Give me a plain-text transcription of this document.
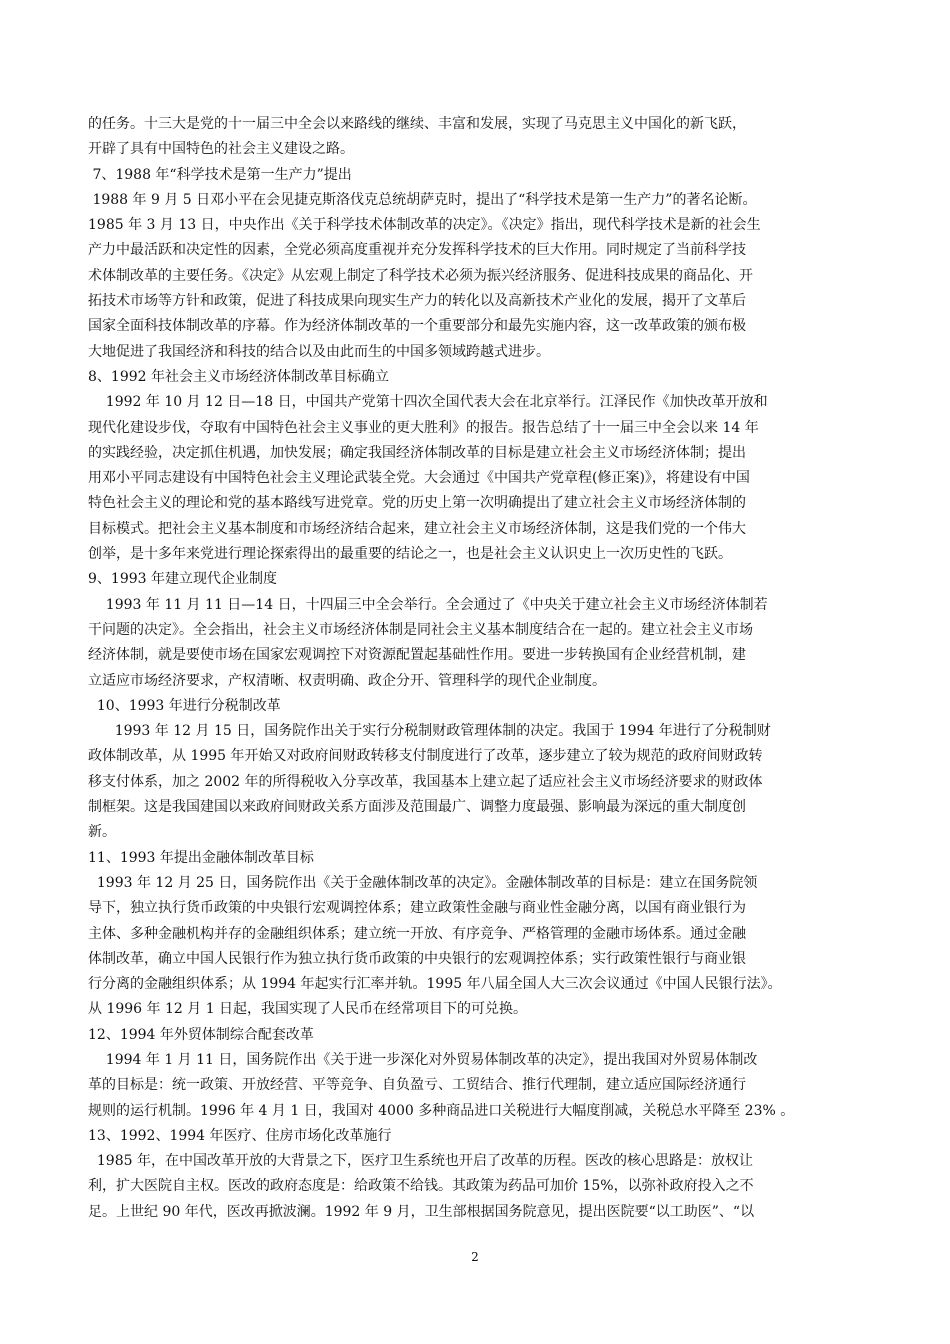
的任务。十三大是党的十一届三中全会以来路线的继续、丰富和发展，实现了马克思主义中国化的新飞跃，
开辟了具有中国特色的社会主义建设之路。
7、1988 年“科学技术是第一生产力”提出
1988 年 9 月 5 日邓小平在会见捷克斯洛伐克总统胡萨克时，提出了“科学技术是第一生产力”的著名论断。
1985 年 3 月 13 日，中央作出《关于科学技术体制改革的决定》。《决定》指出，现代科学技术是新的社会生
产力中最活跃和决定性的因素，全党必须高度重视并充分发挥科学技术的巨大作用。同时规定了当前科学技
术体制改革的主要任务。《决定》从宏观上制定了科学技术必须为振兴经济服务、促进科技成果的商品化、开
拓技术市场等方针和政策，促进了科技成果向现实生产力的转化以及高新技术产业化的发展，揭开了文革后
国家全面科技体制改革的序幕。作为经济体制改革的一个重要部分和最先实施内容，这一改革政策的颁布极
大地促进了我国经济和科技的结合以及由此而生的中国多领域跨越式进步。
8、1992 年社会主义市场经济体制改革目标确立
1992 年 10 月 12 日—18 日，中国共产党第十四次全国代表大会在北京举行。江泽民作《加快改革开放和
现代化建设步伐，夺取有中国特色社会主义事业的更大胜利》的报告。报告总结了十一届三中全会以来 14 年
的实践经验，决定抓住机遇，加快发展；确定我国经济体制改革的目标是建立社会主义市场经济体制；提出
用邓小平同志建设有中国特色社会主义理论武装全党。大会通过《中国共产党章程(修正案)》，将建设有中国
特色社会主义的理论和党的基本路线写进党章。党的历史上第一次明确提出了建立社会主义市场经济体制的
目标模式。把社会主义基本制度和市场经济结合起来，建立社会主义市场经济体制，这是我们党的一个伟大
创举，是十多年来党进行理论探索得出的最重要的结论之一，也是社会主义认识史上一次历史性的飞跃。
9、1993 年建立现代企业制度
1993 年 11 月 11 日—14 日，十四届三中全会举行。全会通过了《中央关于建立社会主义市场经济体制若
干问题的决定》。全会指出，社会主义市场经济体制是同社会主义基本制度结合在一起的。建立社会主义市场
经济体制，就是要使市场在国家宏观调控下对资源配置起基础性作用。要进一步转换国有企业经营机制，建
立适应市场经济要求，产权清晰、权责明确、政企分开、管理科学的现代企业制度。
10、1993 年进行分税制改革
1993 年 12 月 15 日，国务院作出关于实行分税制财政管理体制的决定。我国于 1994 年进行了分税制财
政体制改革，从 1995 年开始又对政府间财政转移支付制度进行了改革，逐步建立了较为规范的政府间财政转
移支付体系，加之 2002 年的所得税收入分享改革，我国基本上建立起了适应社会主义市场经济要求的财政体
制框架。这是我国建国以来政府间财政关系方面涉及范围最广、调整力度最强、影响最为深远的重大制度创
新。
11、1993 年提出金融体制改革目标
1993 年 12 月 25 日，国务院作出《关于金融体制改革的决定》。金融体制改革的目标是：建立在国务院领
导下，独立执行货币政策的中央银行宏观调控体系；建立政策性金融与商业性金融分离，以国有商业银行为
主体、多种金融机构并存的金融组织体系；建立统一开放、有序竞争、严格管理的金融市场体系。通过金融
体制改革，确立中国人民银行作为独立执行货币政策的中央银行的宏观调控体系；实行政策性银行与商业银
行分离的金融组织体系；从 1994 年起实行汇率并轨。1995 年八届全国人大三次会议通过《中国人民银行法》。
从 1996 年 12 月 1 日起，我国实现了人民币在经常项目下的可兑换。
12、1994 年外贸体制综合配套改革
1994 年 1 月 11 日，国务院作出《关于进一步深化对外贸易体制改革的决定》，提出我国对外贸易体制改
革的目标是：统一政策、开放经营、平等竞争、自负盈亏、工贸结合、推行代理制，建立适应国际经济通行
规则的运行机制。1996 年 4 月 1 日，我国对 4000 多种商品进口关税进行大幅度削减，关税总水平降至 23% 。
13、1992、1994 年医疗、住房市场化改革施行
1985 年，在中国改革开放的大背景之下，医疗卫生系统也开启了改革的历程。医改的核心思路是：放权让
利，扩大医院自主权。医改的政府态度是：给政策不给钱。其政策为药品可加价 15%，以弥补政府投入之不
足。上世纪 90 年代，医改再掀波澜。1992 年 9 月，卫生部根据国务院意见，提出医院要“以工助医”、“以
2
